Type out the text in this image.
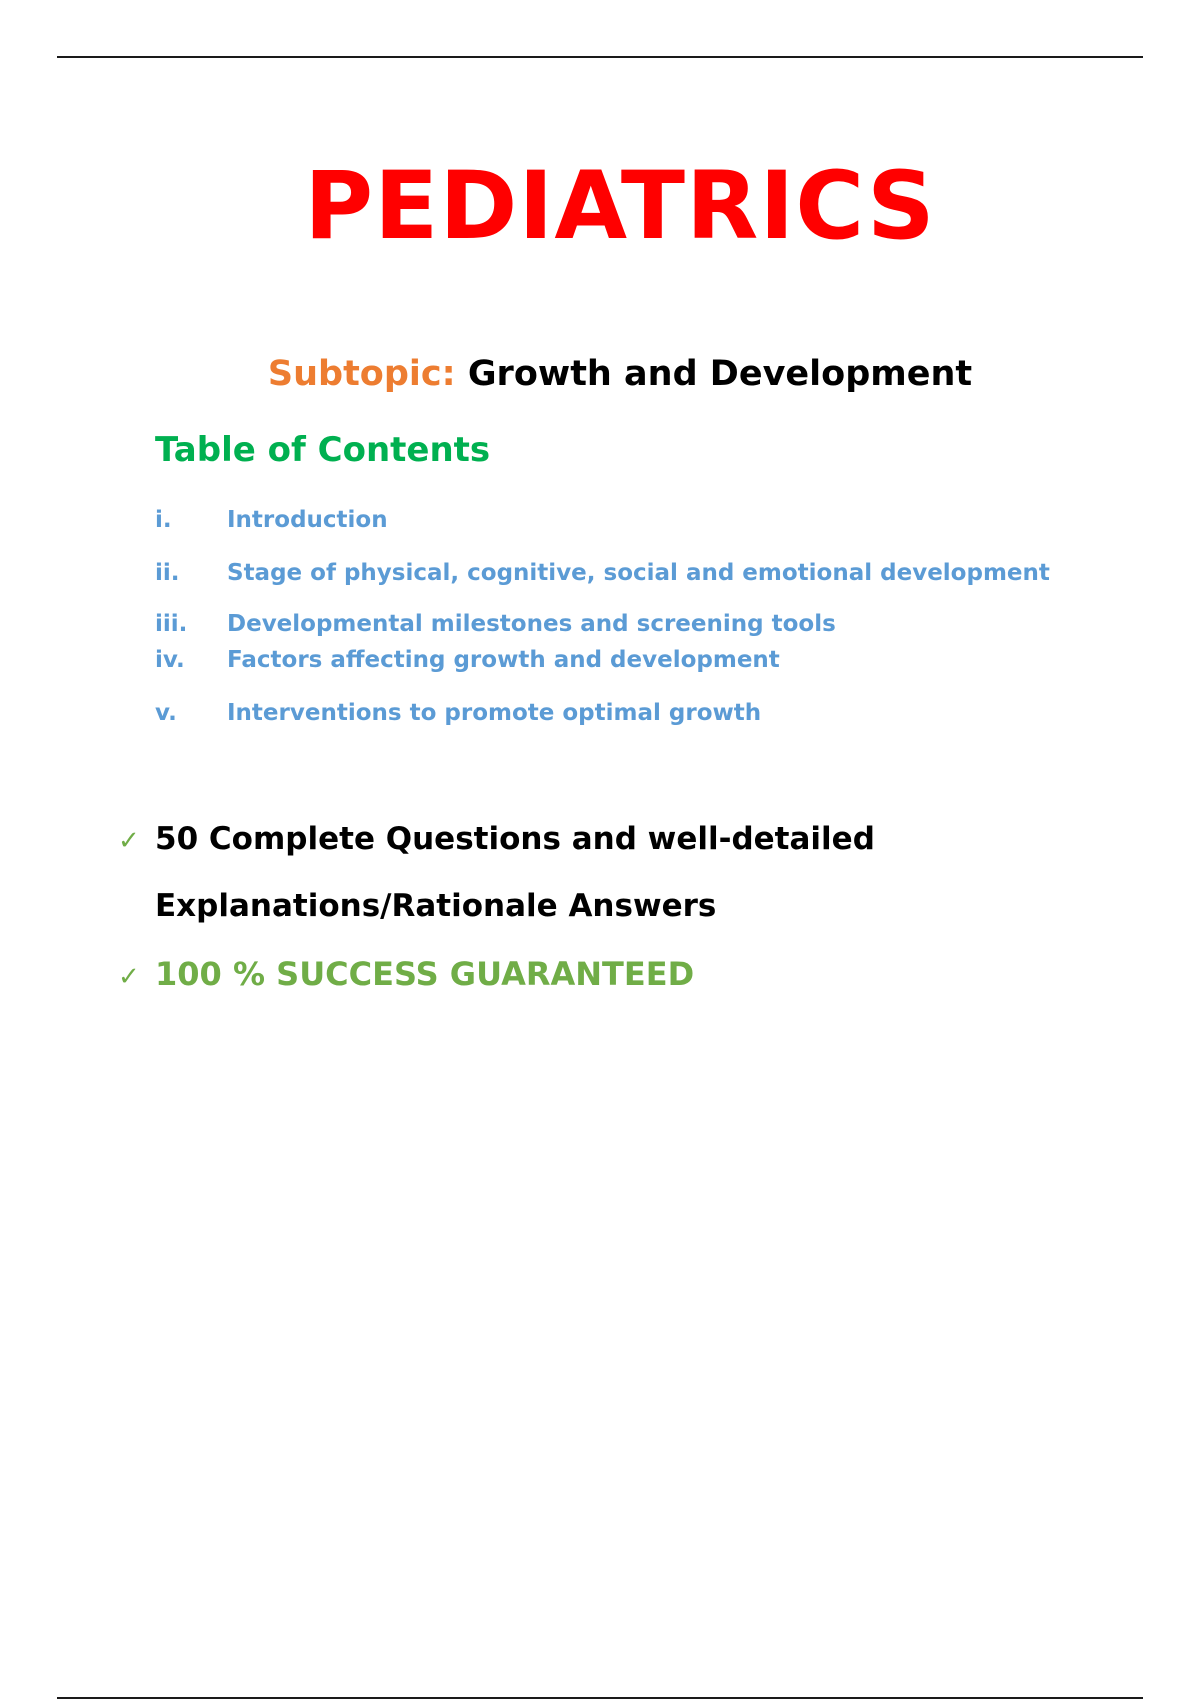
PEDIATRICS
Subtopic: Growth and Development
Table of Contents
i. Introduction
ii. Stage of physical, cognitive, social and emotional development
iii. Developmental milestones and screening tools
iv. Factors affecting growth and development
v. Interventions to promote optimal growth
✓ 50 Complete Questions and well-detailed
Explanations/Rationale Answers
✓ 100 % SUCCESS GUARANTEED
